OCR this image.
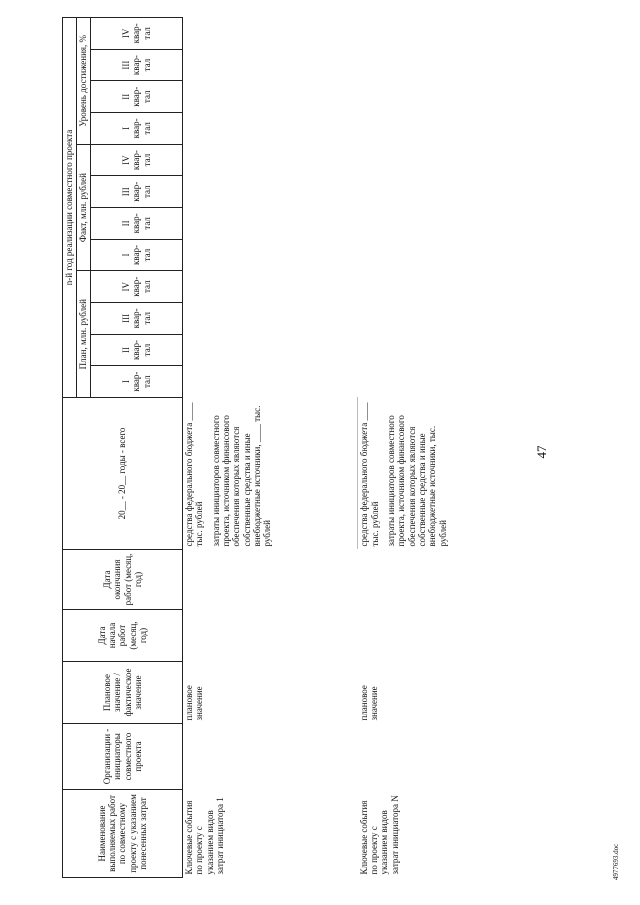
47
4977693.doc
Наименование выполняемых работ по совместному проекту с указанием понесенных затрат	Организации - инициаторы совместного проекта	Плановое значение / фактическое значение	Дата начала работ (месяц, год)	Дата окончания работ (месяц, год)	20__ - 20__ годы - всего	n-й год реализации совместного проекта											
						План, млн. рублей				Факт, млн. рублей				Уровень достижения, %			

						I квар- тал	II квар- тал	III квар- тал	IV квар- тал	I квар- тал	II квар- тал	III квар- тал	IV квар- тал	I квар- тал	II квар- тал	III квар- тал	IV квар- тал

Ключевые события по проекту с указанием видов затрат инициатора 1		плановое значение			средства федерального бюджета ____ тыс. рублей затраты инициаторов совместного проекта, источником финансового обеспечения которых являются собственные средства и иные внебюджетные источники, ____ тыс. рублей												

Ключевые события по проекту с указанием видов затрат инициатора N		плановое значение			средства федерального бюджета ____ тыс. рублей затраты инициаторов совместного проекта, источником финансового обеспечения которых являются собственные средства и иные внебюджетные источники, тыс. рублей												
